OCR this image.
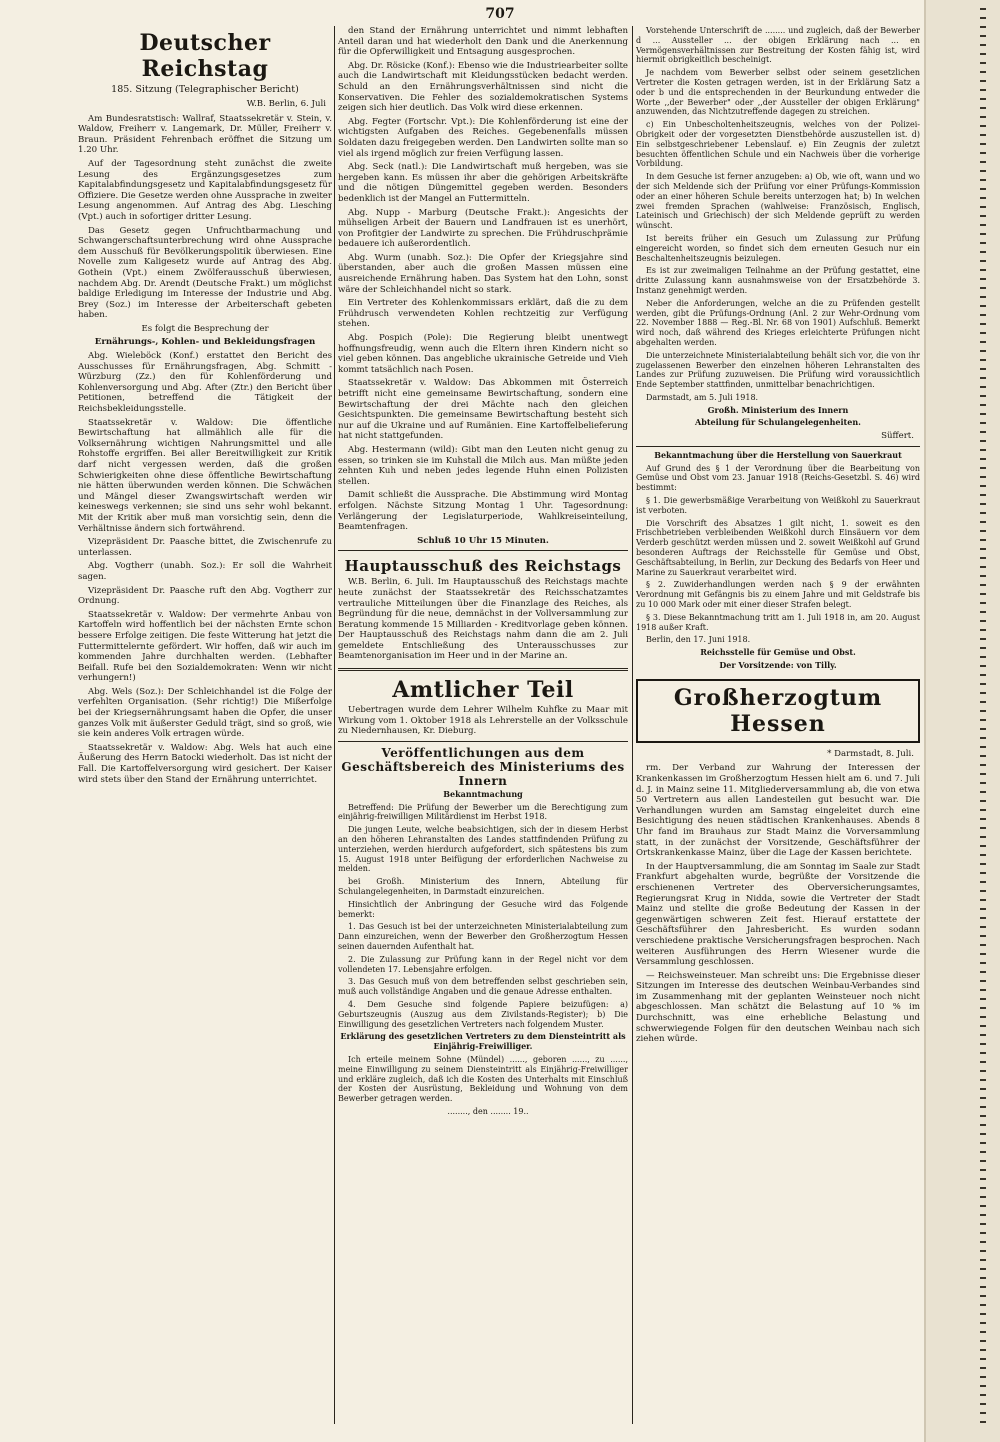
707
Deutscher Reichstag
185. Sitzung (Telegraphischer Bericht)

W.B. Berlin, 6. Juli

Am Bundesratstisch: Wallraf, Staatssekretär v. Stein, v. Waldow, Freiherr v. Langemark, Dr. Müller, Freiherr v. Braun. Präsident Fehrenbach eröffnet die Sitzung um 1.20 Uhr.

Auf der Tagesordnung steht zunächst die zweite Lesung des Ergänzungsgesetzes zum Kapitalabfindungsgesetz und Kapitalabfindungsgesetz für Offiziere. Die Gesetze werden ohne Aussprache in zweiter Lesung angenommen. Auf Antrag des Abg. Liesching (Vpt.) auch in sofortiger dritter Lesung.

Das Gesetz gegen Unfruchtbarmachung und Schwangerschaftsunterbrechung wird ohne Aussprache dem Ausschuß für Bevölkerungspolitik überwiesen. Eine Novelle zum Kaligesetz wurde auf Antrag des Abg. Gothein (Vpt.) einem Zwölferausschuß überwiesen, nachdem Abg. Dr. Arendt (Deutsche Frakt.) um möglichst baldige Erledigung im Interesse der Industrie und Abg. Brey (Soz.) im Interesse der Arbeiterschaft gebeten haben.

Es folgt die Besprechung der

Ernährungs-, Kohlen- und Bekleidungsfragen

Abg. Wieleböck (Konf.) erstattet den Bericht des Ausschusses für Ernährungsfragen, Abg. Schmitt - Würzburg (Zz.) den für Kohlenförderung und Kohlenversorgung und Abg. After (Ztr.) den Bericht über Petitionen, betreffend die Tätigkeit der Reichsbekleidungsstelle.

Staatssekretär v. Waldow: Die öffentliche Bewirtschaftung hat allmählich alle für die Volksernährung wichtigen Nahrungsmittel und alle Rohstoffe ergriffen. Bei aller Bereitwilligkeit zur Kritik darf nicht vergessen werden, daß die großen Schwierigkeiten ohne diese öffentliche Bewirtschaftung nie hätten überwunden werden können. Die Schwächen und Mängel dieser Zwangswirtschaft werden wir keineswegs verkennen; sie sind uns sehr wohl bekannt. Mit der Kritik aber muß man vorsichtig sein, denn die Verhältnisse ändern sich fortwährend.

Vizepräsident Dr. Paasche bittet, die Zwischenrufe zu unterlassen.

Abg. Vogtherr (unabh. Soz.): Er soll die Wahrheit sagen.

Vizepräsident Dr. Paasche ruft den Abg. Vogtherr zur Ordnung.

Staatssekretär v. Waldow: Der vermehrte Anbau von Kartoffeln wird hoffentlich bei der nächsten Ernte schon bessere Erfolge zeitigen. Die feste Witterung hat jetzt die Futtermittelernte gefördert. Wir hoffen, daß wir auch im kommenden Jahre durchhalten werden. (Lebhafter Beifall. Rufe bei den Sozialdemokraten: Wenn wir nicht verhungern!)

Abg. Wels (Soz.): Der Schleichhandel ist die Folge der verfehlten Organisation. (Sehr richtig!) Die Mißerfolge bei der Kriegsernährungsamt haben die Opfer, die unser ganzes Volk mit äußerster Geduld trägt, sind so groß, wie sie kein anderes Volk ertragen würde.

Staatssekretär v. Waldow: Abg. Wels hat auch eine Äußerung des Herrn Batocki wiederholt. Das ist nicht der Fall. Die Kartoffelversorgung wird gesichert. Der Kaiser wird stets über den Stand der Ernährung unterrichtet.

den Stand der Ernährung unterrichtet und nimmt lebhaften Anteil daran und hat wiederholt den Dank und die Anerkennung für die Opferwilligkeit und Entsagung ausgesprochen.

Abg. Dr. Rösicke (Konf.): Ebenso wie die Industriearbeiter sollte auch die Landwirtschaft mit Kleidungsstücken bedacht werden. Schuld an den Ernährungsverhältnissen sind nicht die Konservativen. Die Fehler des sozialdemokratischen Systems zeigen sich hier deutlich. Das Volk wird diese erkennen.

Abg. Fegter (Fortschr. Vpt.): Die Kohlenförderung ist eine der wichtigsten Aufgaben des Reiches. Gegebenenfalls müssen Soldaten dazu freigegeben werden. Den Landwirten sollte man so viel als irgend möglich zur freien Verfügung lassen.

Abg. Seck (natl.): Die Landwirtschaft muß hergeben, was sie hergeben kann. Es müssen ihr aber die gehörigen Arbeitskräfte und die nötigen Düngemittel gegeben werden. Besonders bedenklich ist der Mangel an Futtermitteln.

Abg. Nupp - Marburg (Deutsche Frakt.): Angesichts der mühseligen Arbeit der Bauern und Landfrauen ist es unerhört, von Profitgier der Landwirte zu sprechen. Die Frühdruschprämie bedauere ich außerordentlich.

Abg. Wurm (unabh. Soz.): Die Opfer der Kriegsjahre sind überstanden, aber auch die großen Massen müssen eine ausreichende Ernährung haben. Das System hat den Lohn, sonst wäre der Schleichhandel nicht so stark.

Ein Vertreter des Kohlenkommissars erklärt, daß die zu dem Frühdrusch verwendeten Kohlen rechtzeitig zur Verfügung stehen.

Abg. Pospich (Pole): Die Regierung bleibt unentwegt hoffnungsfreudig, wenn auch die Eltern ihren Kindern nicht so viel geben können. Das angebliche ukrainische Getreide und Vieh kommt tatsächlich nach Posen.

Staatssekretär v. Waldow: Das Abkommen mit Österreich betrifft nicht eine gemeinsame Bewirtschaftung, sondern eine Bewirtschaftung der drei Mächte nach den gleichen Gesichtspunkten. Die gemeinsame Bewirtschaftung besteht sich nur auf die Ukraine und auf Rumänien. Eine Kartoffelbelieferung hat nicht stattgefunden.

Abg. Hestermann (wild): Gibt man den Leuten nicht genug zu essen, so trinken sie im Kuhstall die Milch aus. Man müßte jeden zehnten Kuh und neben jedes legende Huhn einen Polizisten stellen.

Damit schließt die Aussprache. Die Abstimmung wird Montag erfolgen. Nächste Sitzung Montag 1 Uhr. Tagesordnung: Verlängerung der Legislaturperiode, Wahlkreiseinteilung, Beamtenfragen.

Schluß 10 Uhr 15 Minuten.

Hauptausschuß des Reichstags

W.B. Berlin, 6. Juli. Im Hauptausschuß des Reichstags machte heute zunächst der Staatssekretär des Reichsschatzamtes vertrauliche Mitteilungen über die Finanzlage des Reiches, als Begründung für die neue, demnächst in der Vollversammlung zur Beratung kommende 15 Milliarden - Kreditvorlage geben können. Der Hauptausschuß des Reichstags nahm dann die am 2. Juli gemeldete Entschließung des Unterausschusses zur Beamtenorganisation im Heer und in der Marine an.

Amtlicher Teil

Uebertragen wurde dem Lehrer Wilhelm Kuhfke zu Maar mit Wirkung vom 1. Oktober 1918 als Lehrerstelle an der Volksschule zu Niedernhausen, Kr. Dieburg.

Veröffentlichungen aus dem Geschäftsbereich des Ministeriums des Innern

Bekanntmachung

Betreffend: Die Prüfung der Bewerber um die Berechtigung zum einjährig-freiwilligen Militärdienst im Herbst 1918.

Die jungen Leute, welche beabsichtigen, sich der in diesem Herbst an den höheren Lehranstalten des Landes stattfindenden Prüfung zu unterziehen, werden hierdurch aufgefordert, sich spätestens bis zum 15. August 1918 unter Beifügung der erforderlichen Nachweise zu melden.

bei Großh. Ministerium des Innern, Abteilung für Schulangelegenheiten, in Darmstadt einzureichen.

Hinsichtlich der Anbringung der Gesuche wird das Folgende bemerkt:

1. Das Gesuch ist bei der unterzeichneten Ministerialabteilung zum Dann einzureichen, wenn der Bewerber den Großherzogtum Hessen seinen dauernden Aufenthalt hat.

2. Die Zulassung zur Prüfung kann in der Regel nicht vor dem vollendeten 17. Lebensjahre erfolgen.

3. Das Gesuch muß von dem betreffenden selbst geschrieben sein, muß auch vollständige Angaben und die genaue Adresse enthalten.

4. Dem Gesuche sind folgende Papiere beizufügen: a) Geburtszeugnis (Auszug aus dem Zivilstands-Register); b) Die Einwilligung des gesetzlichen Vertreters nach folgendem Muster.

Erklärung des gesetzlichen Vertreters zu dem Diensteintritt als Einjährig-Freiwilliger.

Ich erteile meinem Sohne (Mündel) ......, geboren ......, zu ......, meine Einwilligung zu seinem Diensteintritt als Einjährig-Freiwilliger und erkläre zugleich, daß ich die Kosten des Unterhalts mit Einschluß der Kosten der Ausrüstung, Bekleidung und Wohnung von dem Bewerber getragen werden.

........, den ........ 19..

Vorstehende Unterschrift de ........ und zugleich, daß der Bewerber d ... Aussteller ... der obigen Erklärung nach ... en Vermögensverhältnissen zur Bestreitung der Kosten fähig ist, wird hiermit obrigkeitlich bescheinigt.

Je nachdem vom Bewerber selbst oder seinem gesetzlichen Vertreter die Kosten getragen werden, ist in der Erklärung Satz a oder b und die entsprechenden in der Beurkundung entweder die Worte ,,der Bewerber" oder ,,der Aussteller der obigen Erklärung" anzuwenden, das Nichtzutreffende dagegen zu streichen.

c) Ein Unbescholtenheitszeugnis, welches von der Polizei-Obrigkeit oder der vorgesetzten Dienstbehörde auszustellen ist. d) Ein selbstgeschriebener Lebenslauf. e) Ein Zeugnis der zuletzt besuchten öffentlichen Schule und ein Nachweis über die vorherige Vorbildung.

In dem Gesuche ist ferner anzugeben: a) Ob, wie oft, wann und wo der sich Meldende sich der Prüfung vor einer Prüfungs-Kommission oder an einer höheren Schule bereits unterzogen hat; b) In welchen zwei fremden Sprachen (wahlweise: Französisch, Englisch, Lateinisch und Griechisch) der sich Meldende geprüft zu werden wünscht.

Ist bereits früher ein Gesuch um Zulassung zur Prüfung eingereicht worden, so findet sich dem erneuten Gesuch nur ein Beschaltenheitszeugnis beizulegen.

Es ist zur zweimaligen Teilnahme an der Prüfung gestattet, eine dritte Zulassung kann ausnahmsweise von der Ersatzbehörde 3. Instanz genehmigt werden.

Neber die Anforderungen, welche an die zu Prüfenden gestellt werden, gibt die Prüfungs-Ordnung (Anl. 2 zur Wehr-Ordnung vom 22. November 1888 — Reg.-Bl. Nr. 68 von 1901) Aufschluß. Bemerkt wird noch, daß während des Krieges erleichterte Prüfungen nicht abgehalten werden.

Die unterzeichnete Ministerialabteilung behält sich vor, die von ihr zugelassenen Bewerber den einzelnen höheren Lehranstalten des Landes zur Prüfung zuzuweisen. Die Prüfung wird voraussichtlich Ende September stattfinden, unmittelbar benachrichtigen.

Darmstadt, am 5. Juli 1918.

Großh. Ministerium des Innern

Abteilung für Schulangelegenheiten.

Süffert.

Bekanntmachung über die Herstellung von Sauerkraut

Auf Grund des § 1 der Verordnung über die Bearbeitung von Gemüse und Obst vom 23. Januar 1918 (Reichs-Gesetzbl. S. 46) wird bestimmt:

§ 1. Die gewerbsmäßige Verarbeitung von Weißkohl zu Sauerkraut ist verboten.

Die Vorschrift des Absatzes 1 gilt nicht, 1. soweit es den Frischbetrieben verbleibenden Weißkohl durch Einsäuern vor dem Verderb geschützt werden müssen und 2. soweit Weißkohl auf Grund besonderen Auftrags der Reichsstelle für Gemüse und Obst, Geschäftsabteilung, in Berlin, zur Deckung des Bedarfs von Heer und Marine zu Sauerkraut verarbeitet wird.

§ 2. Zuwiderhandlungen werden nach § 9 der erwähnten Verordnung mit Gefängnis bis zu einem Jahre und mit Geldstrafe bis zu 10 000 Mark oder mit einer dieser Strafen belegt.

§ 3. Diese Bekanntmachung tritt am 1. Juli 1918 in, am 20. August 1918 außer Kraft.

Berlin, den 17. Juni 1918.

Reichsstelle für Gemüse und Obst.

Der Vorsitzende: von Tilly.

Großherzogtum Hessen

* Darmstadt, 8. Juli.

rm. Der Verband zur Wahrung der Interessen der Krankenkassen im Großherzogtum Hessen hielt am 6. und 7. Juli d. J. in Mainz seine 11. Mitgliederversammlung ab, die von etwa 50 Vertretern aus allen Landesteilen gut besucht war. Die Verhandlungen wurden am Samstag eingeleitet durch eine Besichtigung des neuen städtischen Krankenhauses. Abends 8 Uhr fand im Brauhaus zur Stadt Mainz die Vorversammlung statt, in der zunächst der Vorsitzende, Geschäftsführer der Ortskrankenkasse Mainz, über die Lage der Kassen berichtete.

In der Hauptversammlung, die am Sonntag im Saale zur Stadt Frankfurt abgehalten wurde, begrüßte der Vorsitzende die erschienenen Vertreter des Oberversicherungsamtes, Regierungsrat Krug in Nidda, sowie die Vertreter der Stadt Mainz und stellte die große Bedeutung der Kassen in der gegenwärtigen schweren Zeit fest. Hierauf erstattete der Geschäftsführer den Jahresbericht. Es wurden sodann verschiedene praktische Versicherungsfragen besprochen. Nach weiteren Ausführungen des Herrn Wiesener wurde die Versammlung geschlossen.

— Reichsweinsteuer. Man schreibt uns: Die Ergebnisse dieser Sitzungen im Interesse des deutschen Weinbau-Verbandes sind im Zusammenhang mit der geplanten Weinsteuer noch nicht abgeschlossen. Man schätzt die Belastung auf 10 % im Durchschnitt, was eine erhebliche Belastung und schwerwiegende Folgen für den deutschen Weinbau nach sich ziehen würde.
